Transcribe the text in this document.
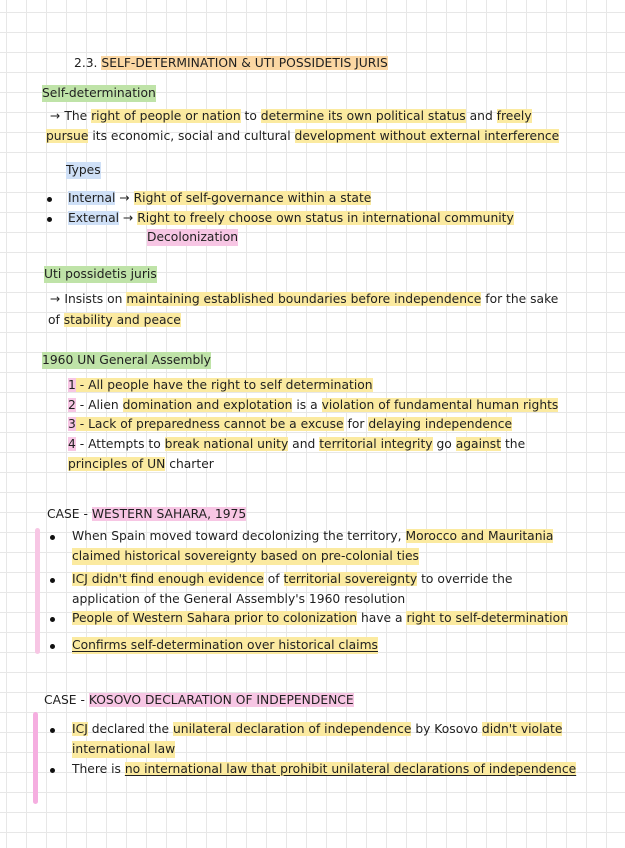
2.3. SELF-DETERMINATION & UTI POSSIDETIS JURIS
Self-determination
→ The right of people or nation to determine its own political status and freely
pursue its economic, social and cultural development without external interference
Types
Internal → Right of self-governance within a state
External → Right to freely choose own status in international community
Decolonization
Uti possidetis juris
→ Insists on maintaining established boundaries before independence for the sake
of stability and peace
1960 UN General Assembly
1 - All people have the right to self determination
2 - Alien domination and explotation is a violation of fundamental human rights
3 - Lack of preparedness cannot be a excuse for delaying independence
4 - Attempts to break national unity and territorial integrity go against the
principles of UN charter
CASE - WESTERN SAHARA, 1975
When Spain moved toward decolonizing the territory, Morocco and Mauritania
claimed historical sovereignty based on pre-colonial ties
ICJ didn't find enough evidence of territorial sovereignty to override the
application of the General Assembly's 1960 resolution
People of Western Sahara prior to colonization have a right to self-determination
Confirms self-determination over historical claims
CASE - KOSOVO DECLARATION OF INDEPENDENCE
ICJ declared the unilateral declaration of independence by Kosovo didn't violate
international law
There is no international law that prohibit unilateral declarations of independence
